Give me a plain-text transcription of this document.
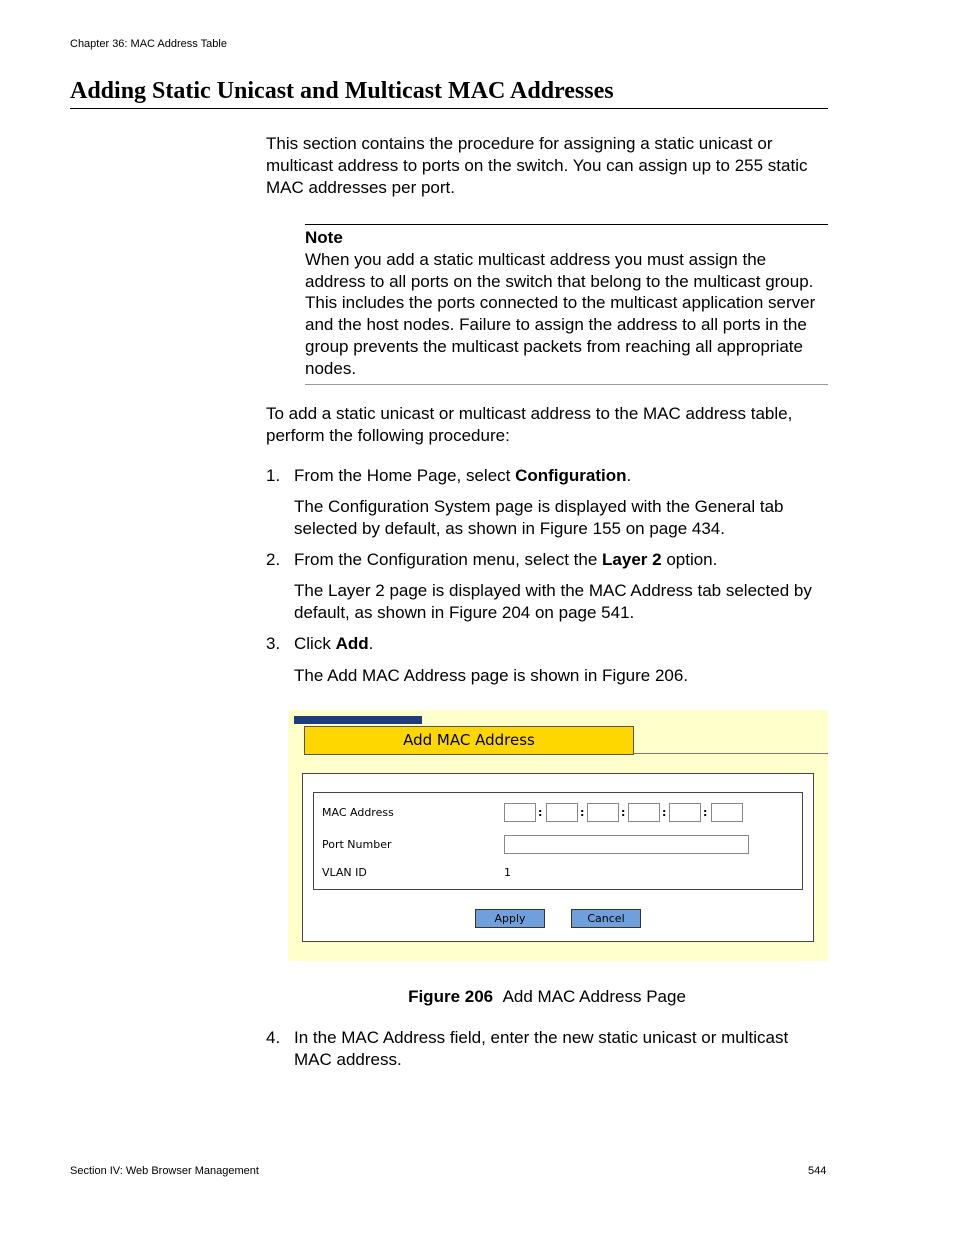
Chapter 36: MAC Address Table
Adding Static Unicast and Multicast MAC Addresses

This section contains the procedure for assigning a static unicast or multicast address to ports on the switch. You can assign up to 255 static MAC addresses per port.

Note
When you add a static multicast address you must assign the address to all ports on the switch that belong to the multicast group. This includes the ports connected to the multicast application server and the host nodes. Failure to assign the address to all ports in the group prevents the multicast packets from reaching all appropriate nodes.

To add a static unicast or multicast address to the MAC address table, perform the following procedure:

1. From the Home Page, select Configuration.

The Configuration System page is displayed with the General tab selected by default, as shown in Figure 155 on page 434.

2. From the Configuration menu, select the Layer 2 option.

The Layer 2 page is displayed with the MAC Address tab selected by default, as shown in Figure 204 on page 541.

3. Click Add.

The Add MAC Address page is shown in Figure 206.

Add MAC Address
MAC Address	:	:	:	:	:
Port Number
VLAN ID	1
Apply	Cancel
Figure 206 Add MAC Address Page
4. In the MAC Address field, enter the new static unicast or multicast MAC address.
Section IV: Web Browser Management	544
